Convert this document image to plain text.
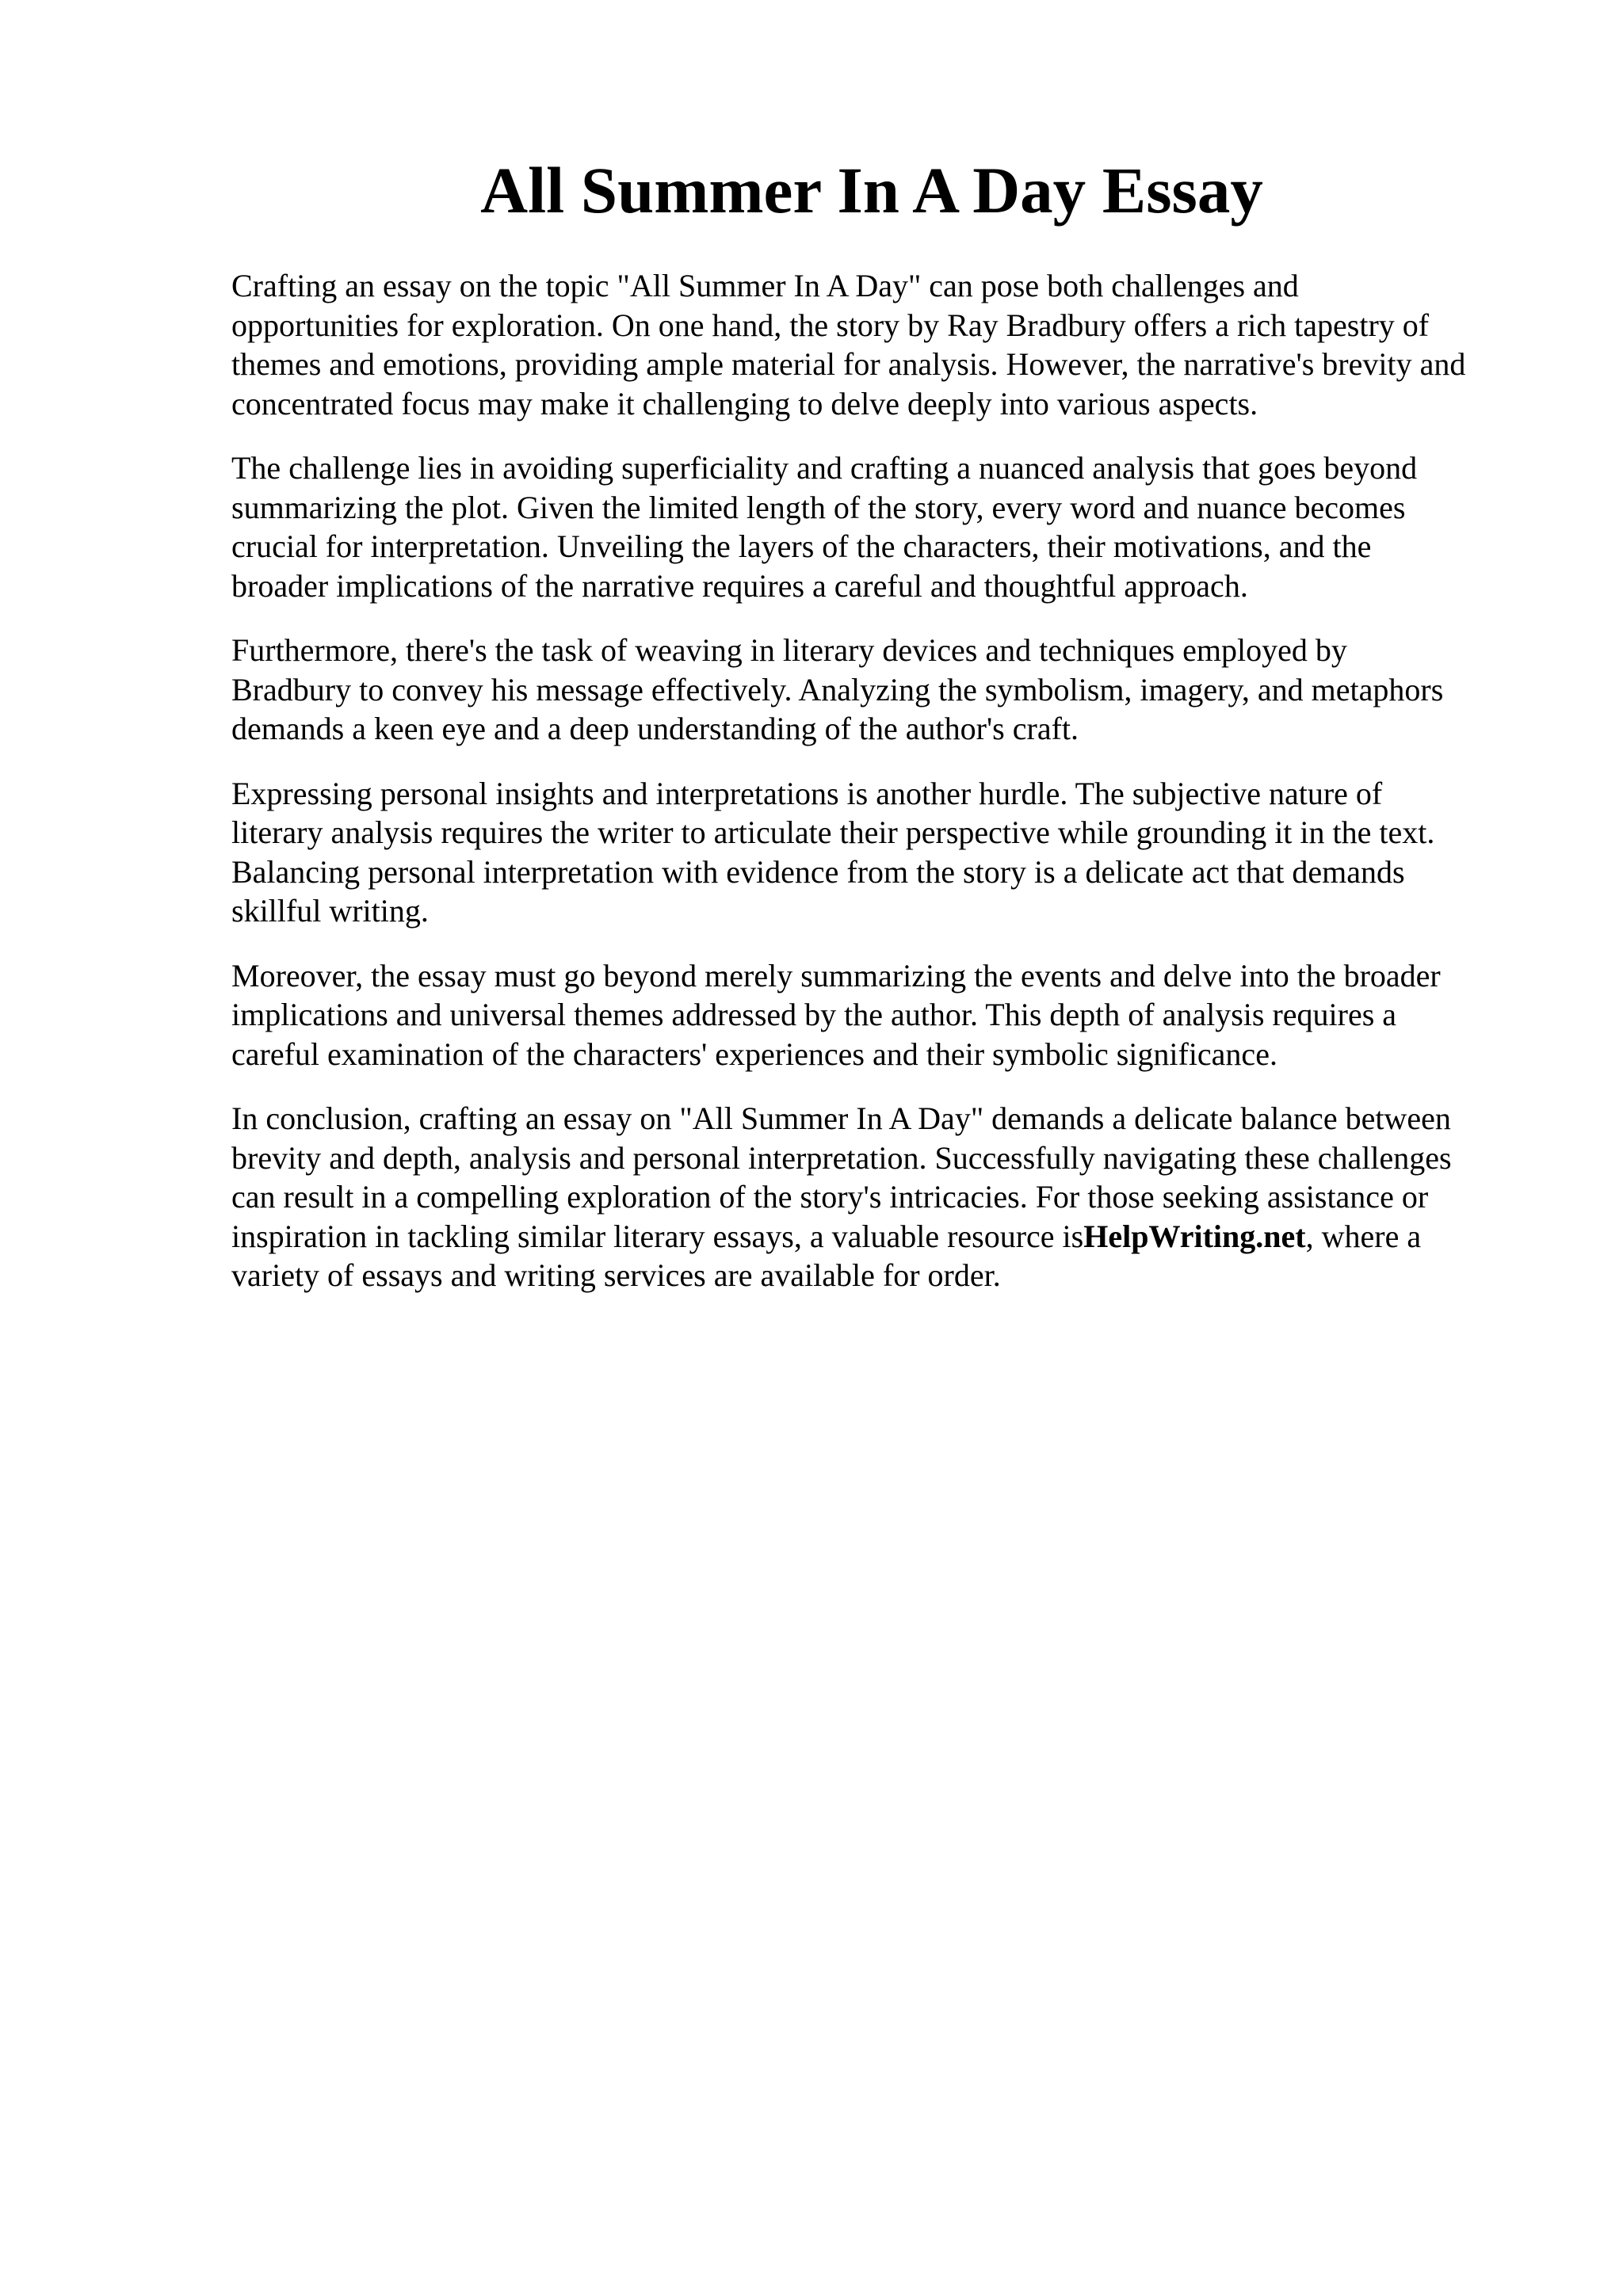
All Summer In A Day Essay
Crafting an essay on the topic "All Summer In A Day" can pose both challenges and
opportunities for exploration. On one hand, the story by Ray Bradbury offers a rich tapestry of
themes and emotions, providing ample material for analysis. However, the narrative's brevity and
concentrated focus may make it challenging to delve deeply into various aspects.
The challenge lies in avoiding superficiality and crafting a nuanced analysis that goes beyond
summarizing the plot. Given the limited length of the story, every word and nuance becomes
crucial for interpretation. Unveiling the layers of the characters, their motivations, and the
broader implications of the narrative requires a careful and thoughtful approach.
Furthermore, there's the task of weaving in literary devices and techniques employed by
Bradbury to convey his message effectively. Analyzing the symbolism, imagery, and metaphors
demands a keen eye and a deep understanding of the author's craft.
Expressing personal insights and interpretations is another hurdle. The subjective nature of
literary analysis requires the writer to articulate their perspective while grounding it in the text.
Balancing personal interpretation with evidence from the story is a delicate act that demands
skillful writing.
Moreover, the essay must go beyond merely summarizing the events and delve into the broader
implications and universal themes addressed by the author. This depth of analysis requires a
careful examination of the characters' experiences and their symbolic significance.
In conclusion, crafting an essay on "All Summer In A Day" demands a delicate balance between
brevity and depth, analysis and personal interpretation. Successfully navigating these challenges
can result in a compelling exploration of the story's intricacies. For those seeking assistance or
inspiration in tackling similar literary essays, a valuable resource isHelpWriting.net, where a
variety of essays and writing services are available for order.
